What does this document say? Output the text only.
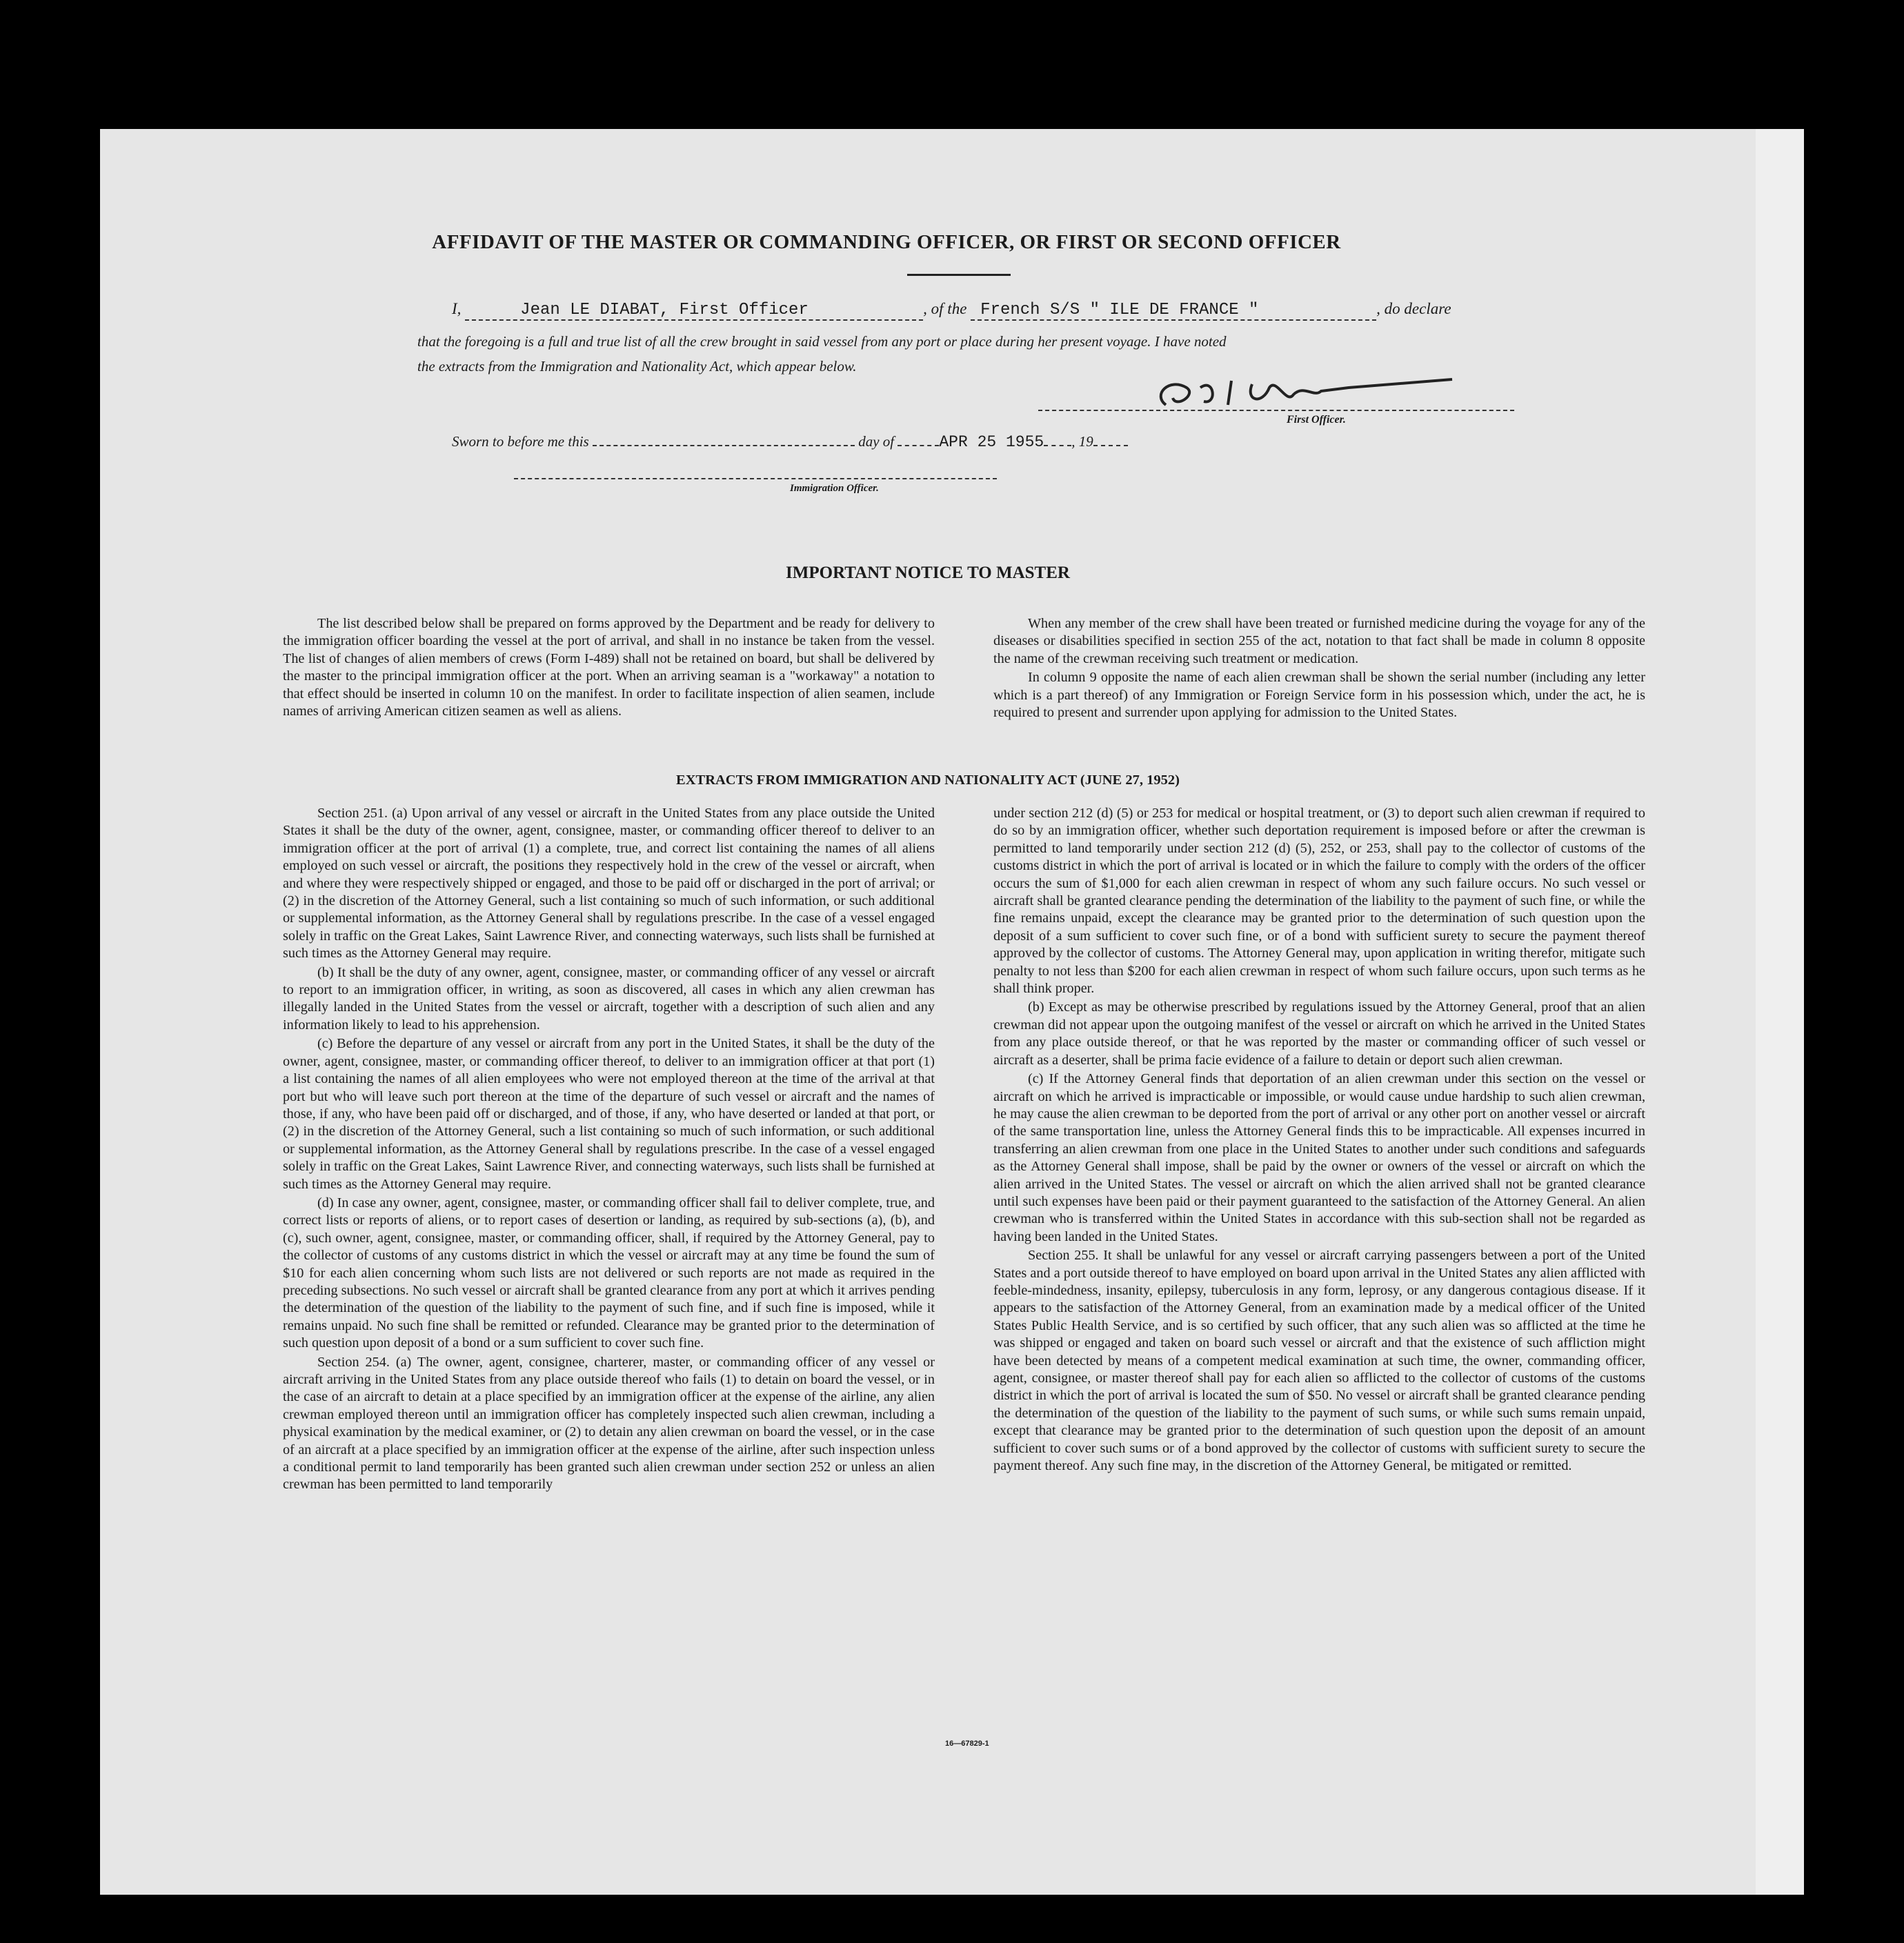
AFFIDAVIT OF THE MASTER OR COMMANDING OFFICER, OR FIRST OR SECOND OFFICER
I,	Jean LE DIABAT, First Officer	, of the French S/S " ILE DE FRANCE "	, do declare
that the foregoing is a full and true list of all the crew brought in said vessel from any port or place during her present voyage. I have noted
the extracts from the Immigration and Nationality Act, which appear below.
First Officer.
Sworn to before me this	day of	APR 25 1955 , 19
Immigration Officer.
IMPORTANT NOTICE TO MASTER

The list described below shall be prepared on forms approved by the Department and be ready for delivery to the immigration officer boarding the vessel at the port of arrival, and shall in no instance be taken from the vessel. The list of changes of alien members of crews (Form I-489) shall not be retained on board, but shall be delivered by the master to the principal immigration officer at the port. When an arriving seaman is a "workaway" a notation to that effect should be inserted in column 10 on the manifest. In order to facilitate inspection of alien seamen, include names of arriving American citizen seamen as well as aliens.

When any member of the crew shall have been treated or furnished medicine during the voyage for any of the diseases or disabilities specified in section 255 of the act, notation to that fact shall be made in column 8 opposite the name of the crewman receiving such treatment or medication.

In column 9 opposite the name of each alien crewman shall be shown the serial number (including any letter which is a part thereof) of any Immigration or Foreign Service form in his possession which, under the act, he is required to present and surrender upon applying for admission to the United States.

EXTRACTS FROM IMMIGRATION AND NATIONALITY ACT (JUNE 27, 1952)

Section 251. (a) Upon arrival of any vessel or aircraft in the United States from any place outside the United States it shall be the duty of the owner, agent, consignee, master, or commanding officer thereof to deliver to an immigration officer at the port of arrival (1) a complete, true, and correct list containing the names of all aliens employed on such vessel or aircraft, the positions they respectively hold in the crew of the vessel or aircraft, when and where they were respectively shipped or engaged, and those to be paid off or discharged in the port of arrival; or (2) in the discretion of the Attorney General, such a list containing so much of such information, or such additional or supplemental information, as the Attorney General shall by regulations prescribe. In the case of a vessel engaged solely in traffic on the Great Lakes, Saint Lawrence River, and connecting waterways, such lists shall be furnished at such times as the Attorney General may require.

(b) It shall be the duty of any owner, agent, consignee, master, or commanding officer of any vessel or aircraft to report to an immigration officer, in writing, as soon as discovered, all cases in which any alien crewman has illegally landed in the United States from the vessel or aircraft, together with a description of such alien and any information likely to lead to his apprehension.

(c) Before the departure of any vessel or aircraft from any port in the United States, it shall be the duty of the owner, agent, consignee, master, or commanding officer thereof, to deliver to an immigration officer at that port (1) a list containing the names of all alien employees who were not employed thereon at the time of the arrival at that port but who will leave such port thereon at the time of the departure of such vessel or aircraft and the names of those, if any, who have been paid off or discharged, and of those, if any, who have deserted or landed at that port, or (2) in the discretion of the Attorney General, such a list containing so much of such information, or such additional or supplemental information, as the Attorney General shall by regulations prescribe. In the case of a vessel engaged solely in traffic on the Great Lakes, Saint Lawrence River, and connecting waterways, such lists shall be furnished at such times as the Attorney General may require.

(d) In case any owner, agent, consignee, master, or commanding officer shall fail to deliver complete, true, and correct lists or reports of aliens, or to report cases of desertion or landing, as required by sub-sections (a), (b), and (c), such owner, agent, consignee, master, or commanding officer, shall, if required by the Attorney General, pay to the collector of customs of any customs district in which the vessel or aircraft may at any time be found the sum of $10 for each alien concerning whom such lists are not delivered or such reports are not made as required in the preceding subsections. No such vessel or aircraft shall be granted clearance from any port at which it arrives pending the determination of the question of the liability to the payment of such fine, and if such fine is imposed, while it remains unpaid. No such fine shall be remitted or refunded. Clearance may be granted prior to the determination of such question upon deposit of a bond or a sum sufficient to cover such fine.

Section 254. (a) The owner, agent, consignee, charterer, master, or commanding officer of any vessel or aircraft arriving in the United States from any place outside thereof who fails (1) to detain on board the vessel, or in the case of an aircraft to detain at a place specified by an immigration officer at the expense of the airline, any alien crewman employed thereon until an immigration officer has completely inspected such alien crewman, including a physical examination by the medical examiner, or (2) to detain any alien crewman on board the vessel, or in the case of an aircraft at a place specified by an immigration officer at the expense of the airline, after such inspection unless a conditional permit to land temporarily has been granted such alien crewman under section 252 or unless an alien crewman has been permitted to land temporarily

under section 212 (d) (5) or 253 for medical or hospital treatment, or (3) to deport such alien crewman if required to do so by an immigration officer, whether such deportation requirement is imposed before or after the crewman is permitted to land temporarily under section 212 (d) (5), 252, or 253, shall pay to the collector of customs of the customs district in which the port of arrival is located or in which the failure to comply with the orders of the officer occurs the sum of $1,000 for each alien crewman in respect of whom any such failure occurs. No such vessel or aircraft shall be granted clearance pending the determination of the liability to the payment of such fine, or while the fine remains unpaid, except the clearance may be granted prior to the determination of such question upon the deposit of a sum sufficient to cover such fine, or of a bond with sufficient surety to secure the payment thereof approved by the collector of customs. The Attorney General may, upon application in writing therefor, mitigate such penalty to not less than $200 for each alien crewman in respect of whom such failure occurs, upon such terms as he shall think proper.

(b) Except as may be otherwise prescribed by regulations issued by the Attorney General, proof that an alien crewman did not appear upon the outgoing manifest of the vessel or aircraft on which he arrived in the United States from any place outside thereof, or that he was reported by the master or commanding officer of such vessel or aircraft as a deserter, shall be prima facie evidence of a failure to detain or deport such alien crewman.

(c) If the Attorney General finds that deportation of an alien crewman under this section on the vessel or aircraft on which he arrived is impracticable or impossible, or would cause undue hardship to such alien crewman, he may cause the alien crewman to be deported from the port of arrival or any other port on another vessel or aircraft of the same transportation line, unless the Attorney General finds this to be impracticable. All expenses incurred in transferring an alien crewman from one place in the United States to another under such conditions and safeguards as the Attorney General shall impose, shall be paid by the owner or owners of the vessel or aircraft on which the alien arrived in the United States. The vessel or aircraft on which the alien arrived shall not be granted clearance until such expenses have been paid or their payment guaranteed to the satisfaction of the Attorney General. An alien crewman who is transferred within the United States in accordance with this sub-section shall not be regarded as having been landed in the United States.

Section 255. It shall be unlawful for any vessel or aircraft carrying passengers between a port of the United States and a port outside thereof to have employed on board upon arrival in the United States any alien afflicted with feeble-mindedness, insanity, epilepsy, tuberculosis in any form, leprosy, or any dangerous contagious disease. If it appears to the satisfaction of the Attorney General, from an examination made by a medical officer of the United States Public Health Service, and is so certified by such officer, that any such alien was so afflicted at the time he was shipped or engaged and taken on board such vessel or aircraft and that the existence of such affliction might have been detected by means of a competent medical examination at such time, the owner, commanding officer, agent, consignee, or master thereof shall pay for each alien so afflicted to the collector of customs of the customs district in which the port of arrival is located the sum of $50. No vessel or aircraft shall be granted clearance pending the determination of the question of the liability to the payment of such sums, or while such sums remain unpaid, except that clearance may be granted prior to the determination of such question upon the deposit of an amount sufficient to cover such sums or of a bond approved by the collector of customs with sufficient surety to secure the payment thereof. Any such fine may, in the discretion of the Attorney General, be mitigated or remitted.

16—67829-1
